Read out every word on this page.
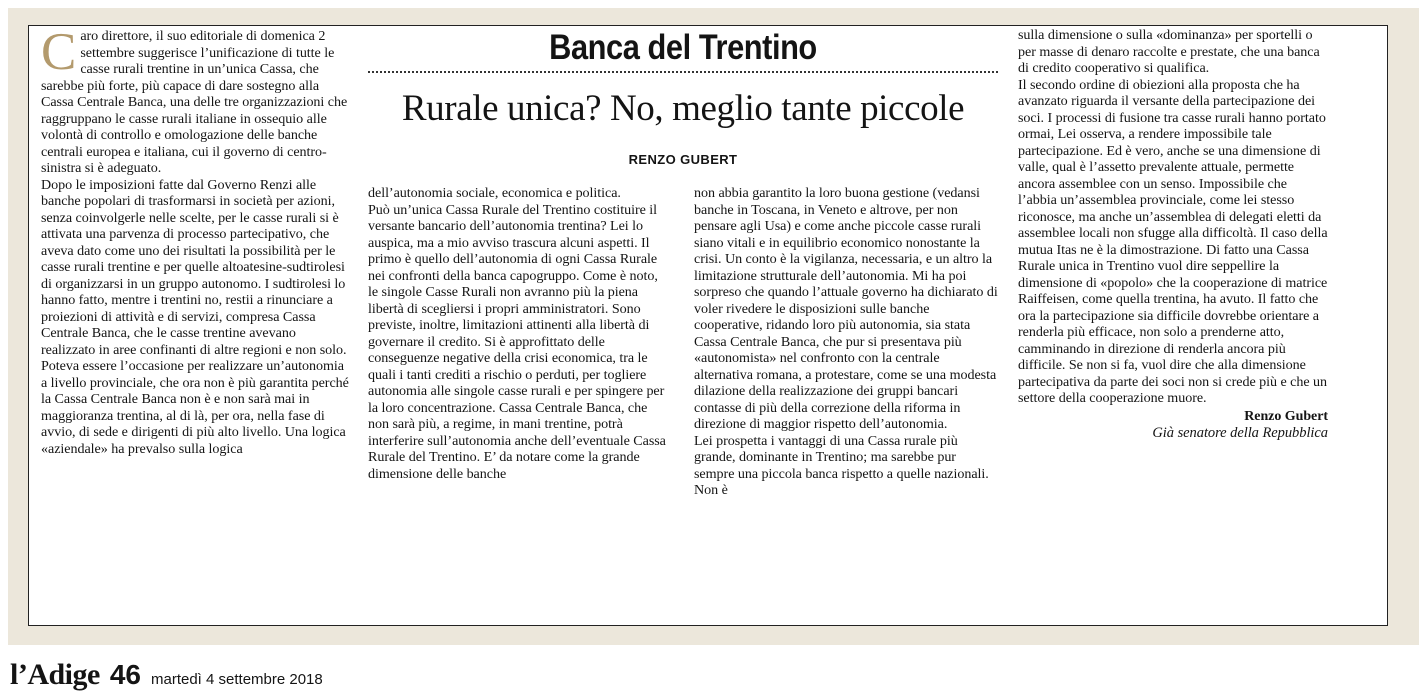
Caro direttore, il suo editoriale di domenica 2 settembre suggerisce l’unificazione di tutte le casse rurali trentine in un’unica Cassa, che sarebbe più forte, più capace di dare sostegno alla Cassa Centrale Banca, una delle tre organizzazioni che raggruppano le casse rurali italiane in ossequio alle volontà di controllo e omologazione delle banche centrali europea e italiana, cui il governo di centro-sinistra si è adeguato.

Dopo le imposizioni fatte dal Governo Renzi alle banche popolari di trasformarsi in società per azioni, senza coinvolgerle nelle scelte, per le casse rurali si è attivata una parvenza di processo partecipativo, che aveva dato come uno dei risultati la possibilità per le casse rurali trentine e per quelle altoatesine-sudtirolesi di organizzarsi in un gruppo autonomo. I sudtirolesi lo hanno fatto, mentre i trentini no, restii a rinunciare a proiezioni di attività e di servizi, compresa Cassa Centrale Banca, che le casse trentine avevano realizzato in aree confinanti di altre regioni e non solo. Poteva essere l’occasione per realizzare un’autonomia a livello provinciale, che ora non è più garantita perché la Cassa Centrale Banca non è e non sarà mai in maggioranza trentina, al di là, per ora, nella fase di avvio, di sede e dirigenti di più alto livello. Una logica «aziendale» ha prevalso sulla logica

Banca del Trentino
Rurale unica? No, meglio tante piccole
RENZO GUBERT

dell’autonomia sociale, economica e politica.

Può un’unica Cassa Rurale del Trentino costituire il versante bancario dell’autonomia trentina? Lei lo auspica, ma a mio avviso trascura alcuni aspetti. Il primo è quello dell’autonomia di ogni Cassa Rurale nei confronti della banca capogruppo. Come è noto, le singole Casse Rurali non avranno più la piena libertà di scegliersi i propri amministratori. Sono previste, inoltre, limitazioni attinenti alla libertà di governare il credito. Si è approfittato delle conseguenze negative della crisi economica, tra le quali i tanti crediti a rischio o perduti, per togliere autonomia alle singole casse rurali e per spingere per la loro concentrazione. Cassa Centrale Banca, che non sarà più, a regime, in mani trentine, potrà interferire sull’autonomia anche dell’eventuale Cassa Rurale del Trentino. E’ da notare come la grande dimensione delle banche

non abbia garantito la loro buona gestione (vedansi banche in Toscana, in Veneto e altrove, per non pensare agli Usa) e come anche piccole casse rurali siano vitali e in equilibrio economico nonostante la crisi. Un conto è la vigilanza, necessaria, e un altro la limitazione strutturale dell’autonomia. Mi ha poi sorpreso che quando l’attuale governo ha dichiarato di voler rivedere le disposizioni sulle banche cooperative, ridando loro più autonomia, sia stata Cassa Centrale Banca, che pur si presentava più «autonomista» nel confronto con la centrale alternativa romana, a protestare, come se una modesta dilazione della realizzazione dei gruppi bancari contasse di più della correzione della riforma in direzione di maggior rispetto dell’autonomia.

Lei prospetta i vantaggi di una Cassa rurale più grande, dominante in Trentino; ma sarebbe pur sempre una piccola banca rispetto a quelle nazionali. Non è

sulla dimensione o sulla «dominanza» per sportelli o per masse di denaro raccolte e prestate, che una banca di credito cooperativo si qualifica.

Il secondo ordine di obiezioni alla proposta che ha avanzato riguarda il versante della partecipazione dei soci. I processi di fusione tra casse rurali hanno portato ormai, Lei osserva, a rendere impossibile tale partecipazione. Ed è vero, anche se una dimensione di valle, qual è l’assetto prevalente attuale, permette ancora assemblee con un senso. Impossibile che l’abbia un’assemblea provinciale, come lei stesso riconosce, ma anche un’assemblea di delegati eletti da assemblee locali non sfugge alla difficoltà. Il caso della mutua Itas ne è la dimostrazione. Di fatto una Cassa Rurale unica in Trentino vuol dire seppellire la dimensione di «popolo» che la cooperazione di matrice Raiffeisen, come quella trentina, ha avuto. Il fatto che ora la partecipazione sia difficile dovrebbe orientare a renderla più efficace, non solo a prenderne atto, camminando in direzione di renderla ancora più difficile. Se non si fa, vuol dire che alla dimensione partecipativa da parte dei soci non si crede più e che un settore della cooperazione muore.

Renzo Gubert

Già senatore della Repubblica

l’Adige 46 martedì 4 settembre 2018
